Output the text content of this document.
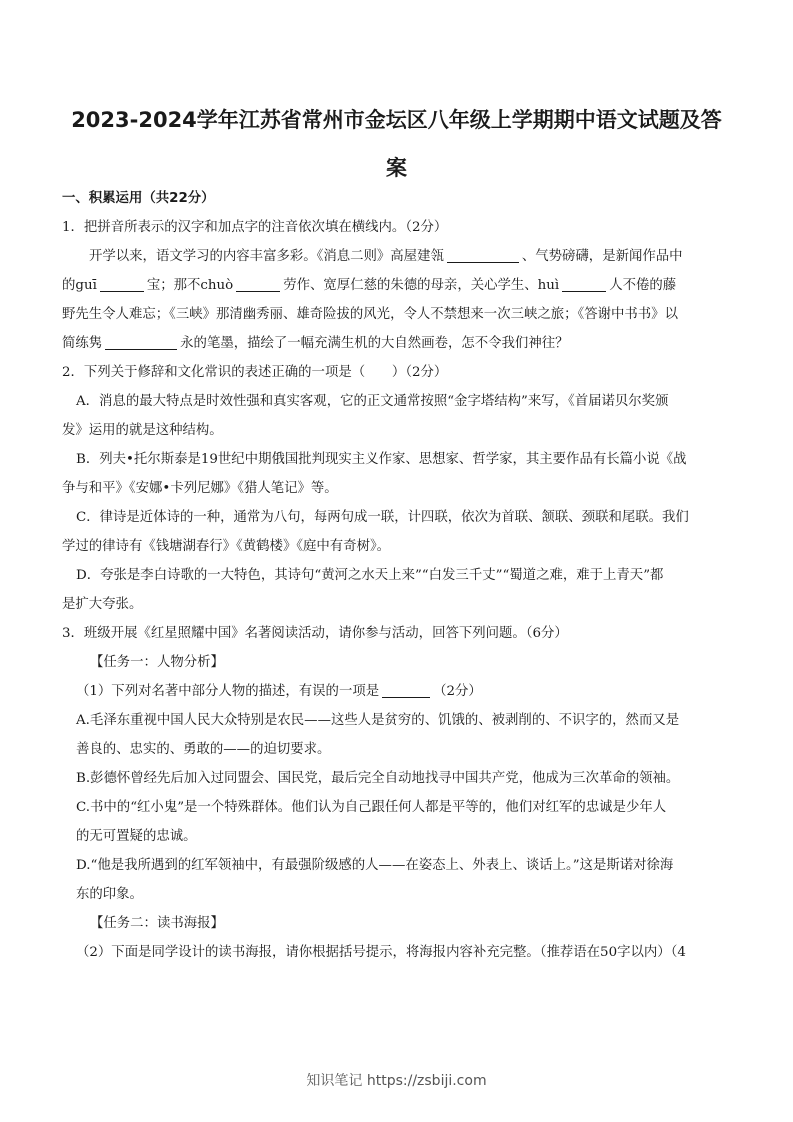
2023-2024学年江苏省常州市金坛区八年级上学期期中语文试题及答
案
一、积累运用（共22分）
1．把拼音所表示的汉字和加点字的注音依次填在横线内。（2分）
开学以来，语文学习的内容丰富多彩。《消息二则》高屋建瓴	、气势磅礴，是新闻作品中
的guī	宝；那不chuò	劳作、宽厚仁慈的朱德的母亲，关心学生、huì	人不倦的藤
野先生令人难忘；《三峡》那清幽秀丽、雄奇险拔的风光，令人不禁想来一次三峡之旅；《答谢中书书》以
简练隽	永的笔墨，描绘了一幅充满生机的大自然画卷，怎不令我们神往？
2．下列关于修辞和文化常识的表述正确的一项是（　　）（2分）
A．消息的最大特点是时效性强和真实客观，它的正文通常按照“金字塔结构”来写，《首届诺贝尔奖颁
发》运用的就是这种结构。
B．列夫•托尔斯泰是19世纪中期俄国批判现实主义作家、思想家、哲学家，其主要作品有长篇小说《战
争与和平》《安娜•卡列尼娜》《猎人笔记》等。
C．律诗是近体诗的一种，通常为八句，每两句成一联，计四联，依次为首联、颔联、颈联和尾联。我们
学过的律诗有《钱塘湖春行》《黄鹤楼》《庭中有奇树》。
D．夸张是李白诗歌的一大特色，其诗句“黄河之水天上来”“白发三千丈”“蜀道之难，难于上青天”都
是扩大夸张。
3．班级开展《红星照耀中国》名著阅读活动，请你参与活动，回答下列问题。（6分）
【任务一：人物分析】
（1）下列对名著中部分人物的描述，有误的一项是	（2分）
A.毛泽东重视中国人民大众特别是农民——这些人是贫穷的、饥饿的、被剥削的、不识字的，然而又是
善良的、忠实的、勇敢的——的迫切要求。
B.彭德怀曾经先后加入过同盟会、国民党，最后完全自动地找寻中国共产党，他成为三次革命的领袖。
C.书中的“红小鬼”是一个特殊群体。他们认为自己跟任何人都是平等的，他们对红军的忠诚是少年人
的无可置疑的忠诚。
D.“他是我所遇到的红军领袖中，有最强阶级感的人——在姿态上、外表上、谈话上。”这是斯诺对徐海
东的印象。
【任务二：读书海报】
（2）下面是同学设计的读书海报，请你根据括号提示，将海报内容补充完整。（推荐语在50字以内）（4
知识笔记 https://zsbiji.com
